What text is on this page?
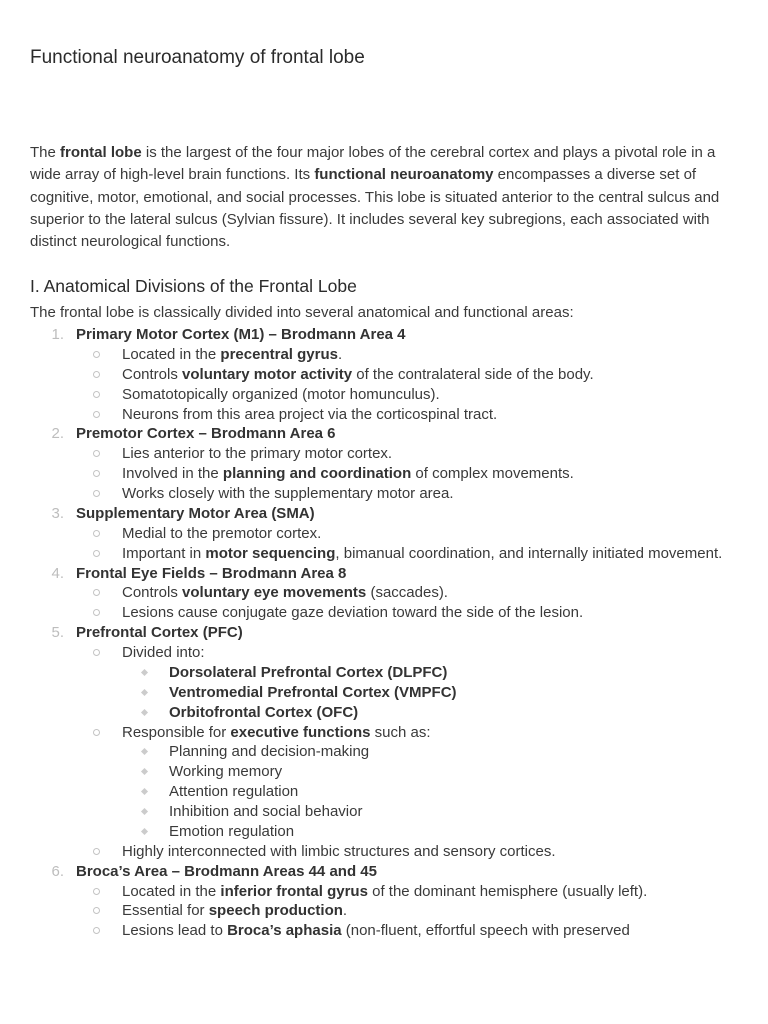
Functional neuroanatomy of frontal lobe

The frontal lobe is the largest of the four major lobes of the cerebral cortex and plays a pivotal role in a wide array of high-level brain functions. Its functional neuroanatomy encompasses a diverse set of cognitive, motor, emotional, and social processes. This lobe is situated anterior to the central sulcus and superior to the lateral sulcus (Sylvian fissure). It includes several key subregions, each associated with distinct neurological functions.

I. Anatomical Divisions of the Frontal Lobe

The frontal lobe is classically divided into several anatomical and functional areas:

1. Primary Motor Cortex (M1) – Brodmann Area 4
Located in the precentral gyrus.
Controls voluntary motor activity of the contralateral side of the body.
Somatotopically organized (motor homunculus).
Neurons from this area project via the corticospinal tract.
2. Premotor Cortex – Brodmann Area 6
Lies anterior to the primary motor cortex.
Involved in the planning and coordination of complex movements.
Works closely with the supplementary motor area.
3. Supplementary Motor Area (SMA)
Medial to the premotor cortex.
Important in motor sequencing, bimanual coordination, and internally initiated movement.
4. Frontal Eye Fields – Brodmann Area 8
Controls voluntary eye movements (saccades).
Lesions cause conjugate gaze deviation toward the side of the lesion.
5. Prefrontal Cortex (PFC)
Divided into:
Dorsolateral Prefrontal Cortex (DLPFC)
Ventromedial Prefrontal Cortex (VMPFC)
Orbitofrontal Cortex (OFC)
Responsible for executive functions such as:
Planning and decision-making
Working memory
Attention regulation
Inhibition and social behavior
Emotion regulation
Highly interconnected with limbic structures and sensory cortices.
6. Broca’s Area – Brodmann Areas 44 and 45
Located in the inferior frontal gyrus of the dominant hemisphere (usually left).
Essential for speech production.
Lesions lead to Broca’s aphasia (non-fluent, effortful speech with preserved
